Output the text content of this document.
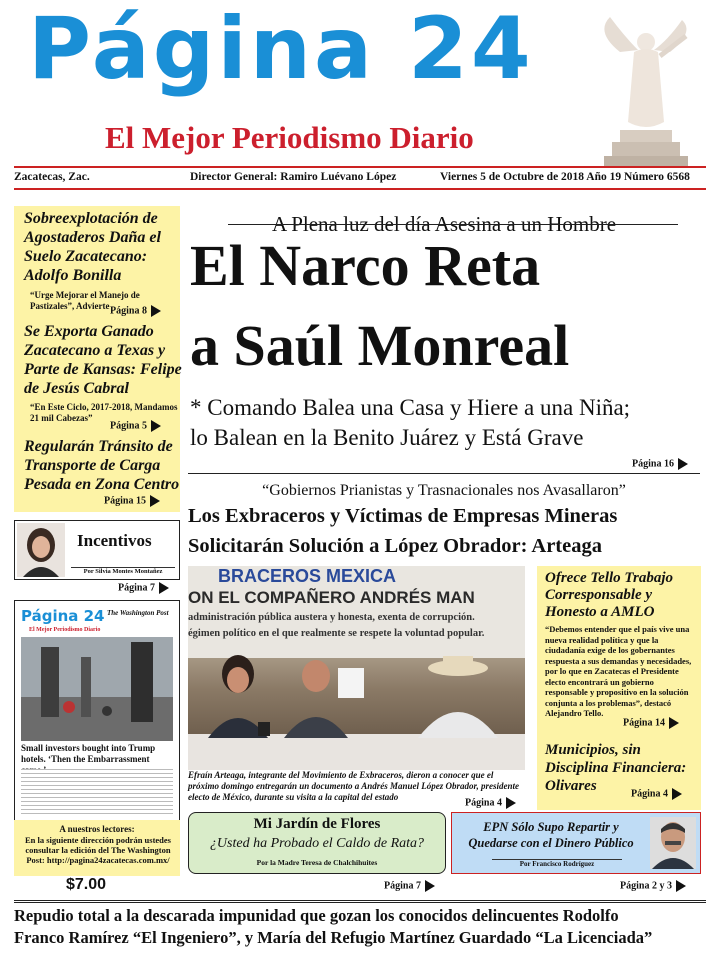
Página 24
El Mejor Periodismo Diario
Zacatecas, Zac.	Director General: Ramiro Luévano López	Viernes 5 de Octubre de 2018 Año 19 Número 6568
Sobreexplotación de Agostaderos Daña el Suelo Zacatecano: Adolfo Bonilla
“Urge Mejorar el Manejo de Pastizales”, Advierte Página 8
Se Exporta Ganado Zacatecano a Texas y Parte de Kansas: Felipe de Jesús Cabral
“En Este Ciclo, 2017-2018, Mandamos 21 mil Cabezas”
Página 5
Regularán Tránsito de Transporte de Carga Pesada en Zona Centro
Página 15
Incentivos
Por Silvia Montes Montañez
Página 7
Página 24 The Washington Post
El Mejor Periodismo Diario
Small investors bought into Trump hotels. ‘Then the Embarrassment
A nuestros lectores:
En la siguiente dirección podrán ustedes consultar la edición del The Washington Post: http://pagina24zacatecas.com.mx/
$7.00
A Plena luz del día Asesina a un Hombre
El Narco Reta
a Saúl Monreal
* Comando Balea una Casa y Hiere a una Niña;
lo Balean en la Benito Juárez y Está Grave
Página 16
“Gobiernos Prianistas y Trasnacionales nos Avasallaron”
Los Exbraceros y Víctimas de Empresas Mineras
Solicitarán Solución a López Obrador: Arteaga
BRACEROS MEXICA
ON EL COMPAÑERO ANDRÉS MAN
administración pública austera y honesta, exenta de corrupción.
égimen político en el que realmente se respete la voluntad popular.
Efraín Arteaga, integrante del Movimiento de Exbraceros, dieron a conocer que el próximo domingo entregarán un documento a Andrés Manuel López Obrador, presidente electo de México, durante su visita a la capital del estado
Página 4
Ofrece Tello Trabajo Corresponsable y Honesto a AMLO
“Debemos entender que el país vive una nueva realidad política y que la ciudadanía exige de los gobernantes respuesta a sus demandas y necesidades, por lo que en Zacatecas el Presidente electo encontrará un gobierno responsable y propositivo en la solución conjunta a los problemas”, destacó Alejandro Tello.
Página 14
Municipios, sin Disciplina Financiera: Olivares	Página 4
Mi Jardín de Flores
¿Usted ha Probado el Caldo de Rata?
Por la Madre Teresa de Chalchihuites
Página 7
EPN Sólo Supo Repartir y Quedarse con el Dinero Público
Por Francisco Rodríguez
Página 2 y 3
Repudio total a la descarada impunidad que gozan los conocidos delincuentes Rodolfo
Franco Ramírez “El Ingeniero”, y María del Refugio Martínez Guardado “La Licenciada”
